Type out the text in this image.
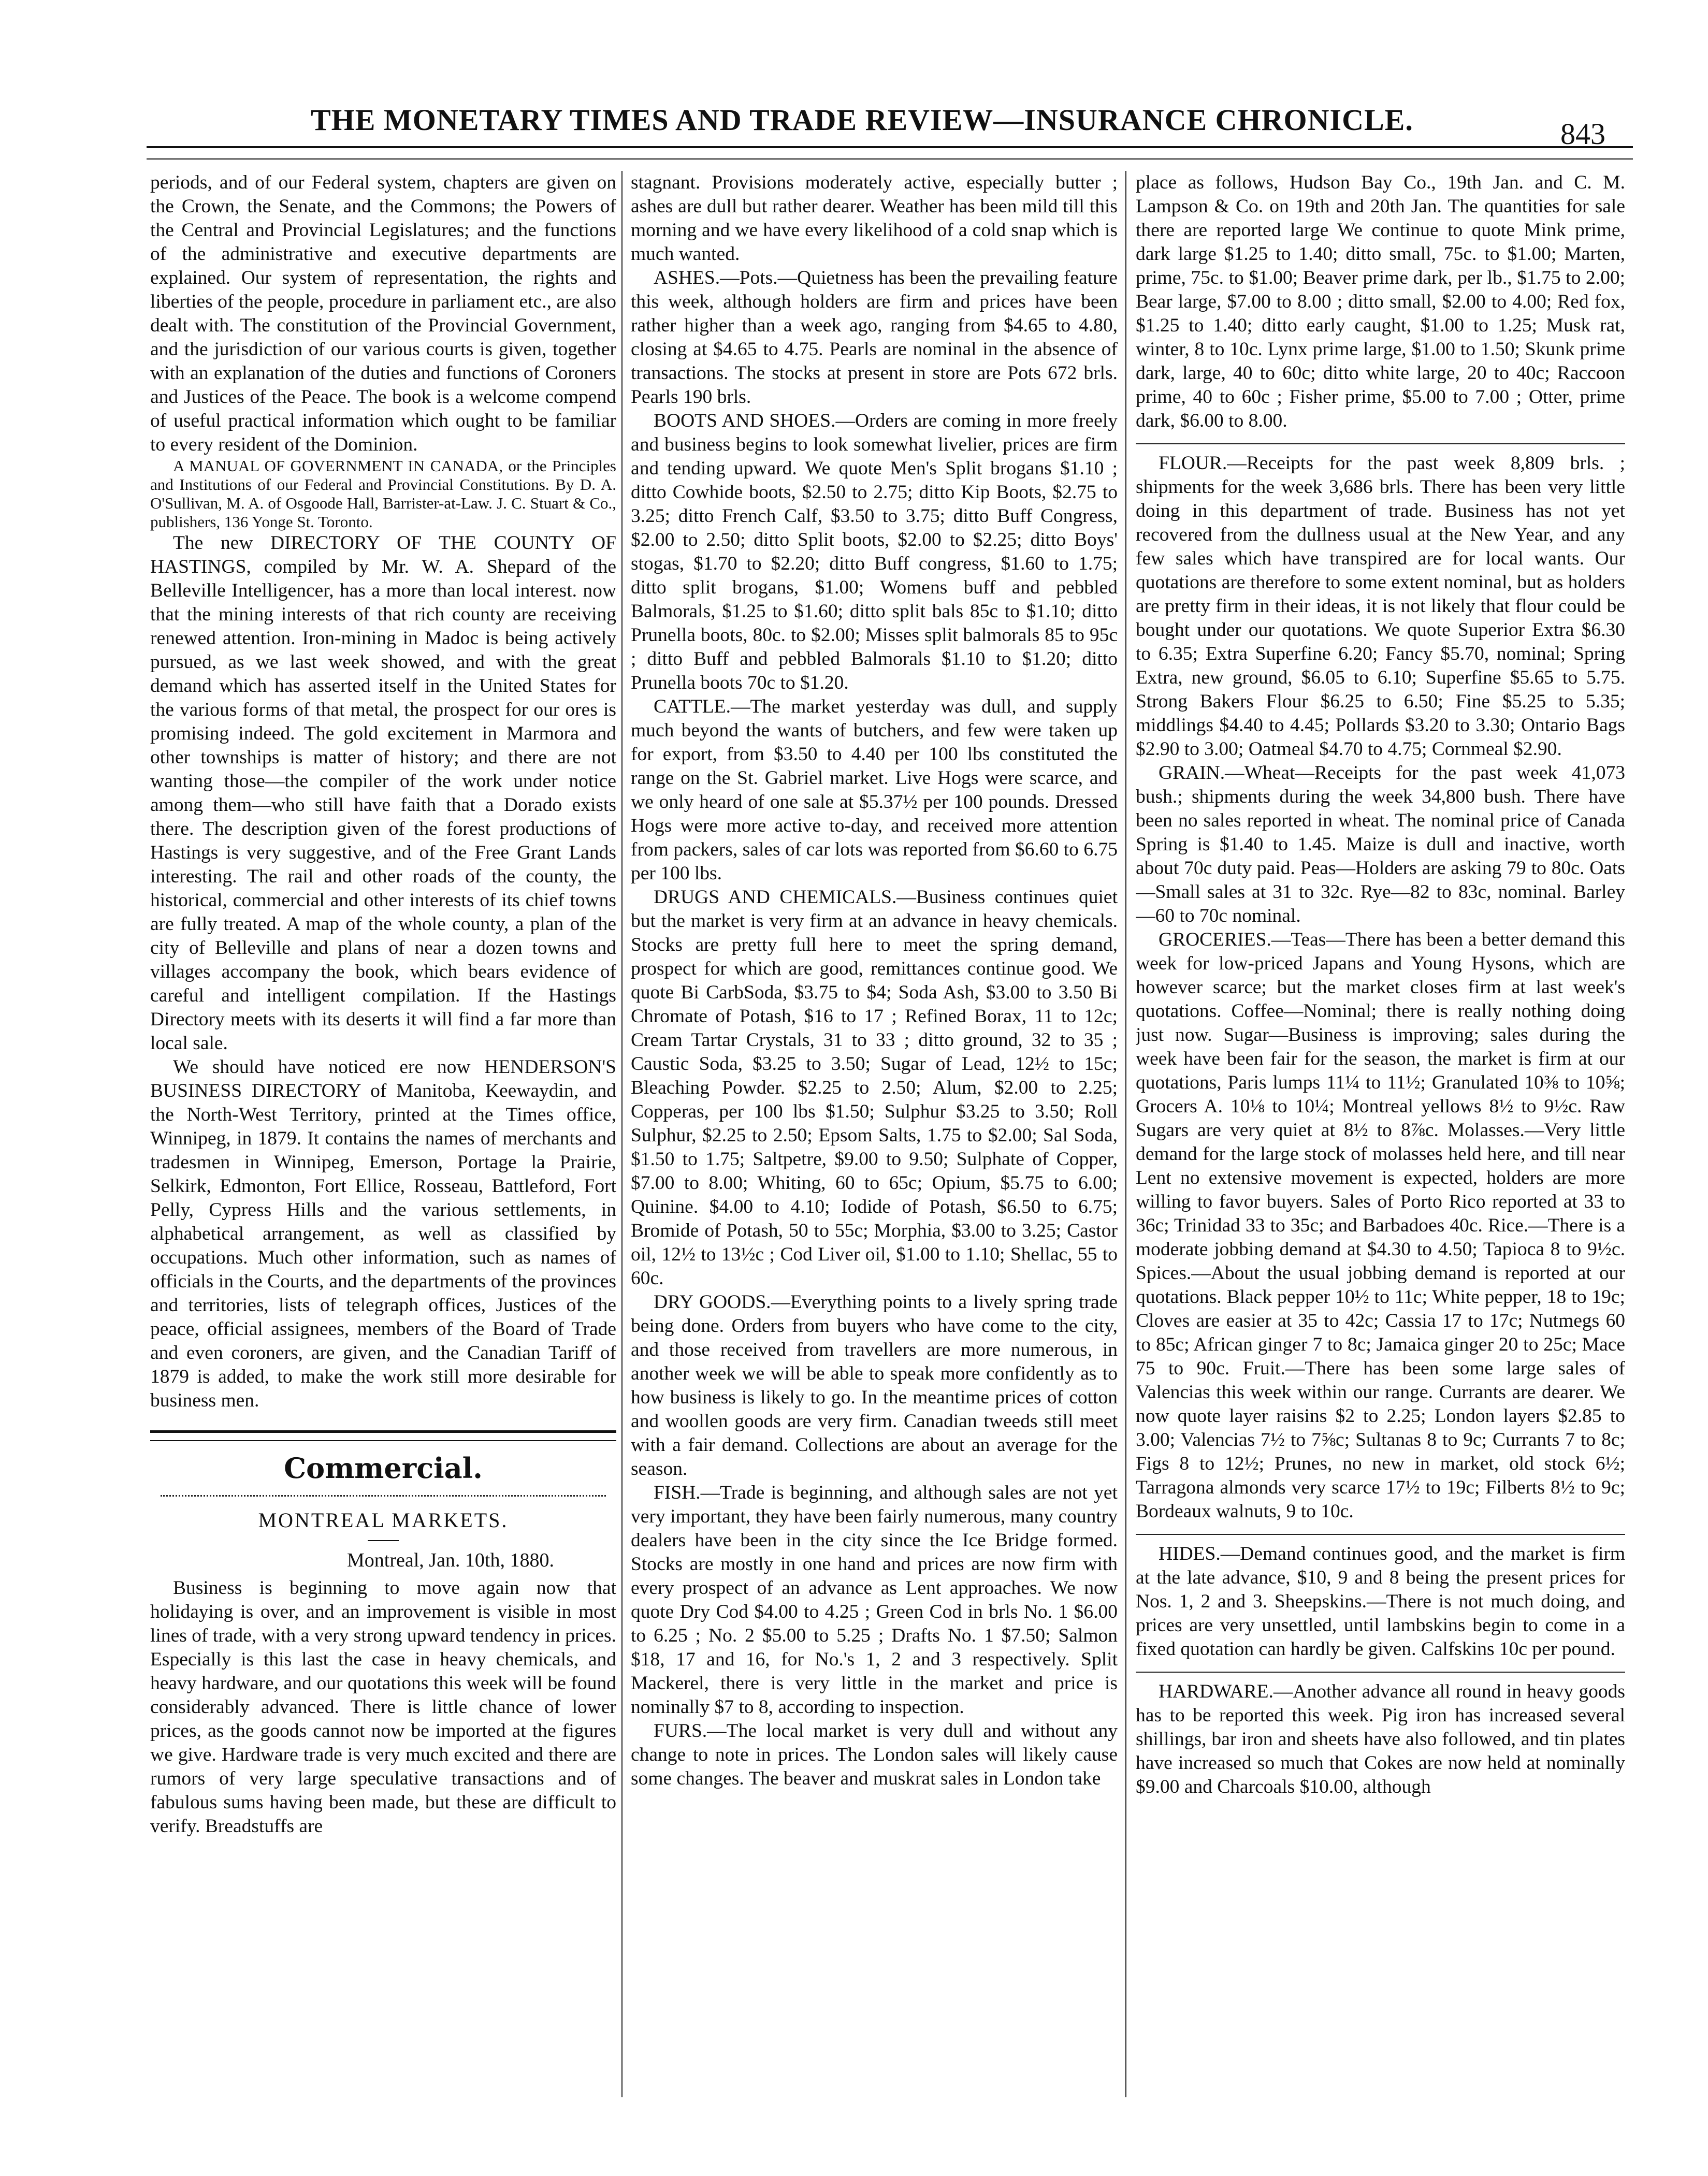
THE MONETARY TIMES AND TRADE REVIEW—INSURANCE CHRONICLE.	843

periods, and of our Federal system, chapters are given on the Crown, the Senate, and the Commons; the Powers of the Central and Provincial Legislatures; and the functions of the administrative and executive departments are explained. Our system of representation, the rights and liberties of the people, procedure in parliament etc., are also dealt with. The constitution of the Provincial Government, and the jurisdiction of our various courts is given, together with an explanation of the duties and functions of Coroners and Justices of the Peace. The book is a welcome compend of useful practical information which ought to be familiar to every resident of the Dominion.

A MANUAL OF GOVERNMENT IN CANADA, or the Principles and Institutions of our Federal and Provincial Constitutions. By D. A. O'Sullivan, M. A. of Osgoode Hall, Barrister-at-Law. J. C. Stuart & Co., publishers, 136 Yonge St. Toronto.

The new DIRECTORY OF THE COUNTY OF HASTINGS, compiled by Mr. W. A. Shepard of the Belleville Intelligencer, has a more than local interest. now that the mining interests of that rich county are receiving renewed attention. Iron-mining in Madoc is being actively pursued, as we last week showed, and with the great demand which has asserted itself in the United States for the various forms of that metal, the prospect for our ores is promising indeed. The gold excitement in Marmora and other townships is matter of history; and there are not wanting those—the compiler of the work under notice among them—who still have faith that a Dorado exists there. The description given of the forest productions of Hastings is very suggestive, and of the Free Grant Lands interesting. The rail and other roads of the county, the historical, commercial and other interests of its chief towns are fully treated. A map of the whole county, a plan of the city of Belleville and plans of near a dozen towns and villages accompany the book, which bears evidence of careful and intelligent compilation. If the Hastings Directory meets with its deserts it will find a far more than local sale.

We should have noticed ere now HENDERSON'S BUSINESS DIRECTORY of Manitoba, Keewaydin, and the North-West Territory, printed at the Times office, Winnipeg, in 1879. It contains the names of merchants and tradesmen in Winnipeg, Emerson, Portage la Prairie, Selkirk, Edmonton, Fort Ellice, Rosseau, Battleford, Fort Pelly, Cypress Hills and the various settlements, in alphabetical arrangement, as well as classified by occupations. Much other information, such as names of officials in the Courts, and the departments of the provinces and territories, lists of telegraph offices, Justices of the peace, official assignees, members of the Board of Trade and even coroners, are given, and the Canadian Tariff of 1879 is added, to make the work still more desirable for business men.

Commercial.
MONTREAL MARKETS.
Montreal, Jan. 10th, 1880.

Business is beginning to move again now that holidaying is over, and an improvement is visible in most lines of trade, with a very strong upward tendency in prices. Especially is this last the case in heavy chemicals, and heavy hardware, and our quotations this week will be found considerably advanced. There is little chance of lower prices, as the goods cannot now be imported at the figures we give. Hardware trade is very much excited and there are rumors of very large speculative transactions and of fabulous sums having been made, but these are difficult to verify. Breadstuffs are

stagnant. Provisions moderately active, especially butter ; ashes are dull but rather dearer. Weather has been mild till this morning and we have every likelihood of a cold snap which is much wanted.

ASHES.—Pots.—Quietness has been the prevailing feature this week, although holders are firm and prices have been rather higher than a week ago, ranging from $4.65 to 4.80, closing at $4.65 to 4.75. Pearls are nominal in the absence of transactions. The stocks at present in store are Pots 672 brls. Pearls 190 brls.

BOOTS AND SHOES.—Orders are coming in more freely and business begins to look somewhat livelier, prices are firm and tending upward. We quote Men's Split brogans $1.10 ; ditto Cowhide boots, $2.50 to 2.75; ditto Kip Boots, $2.75 to 3.25; ditto French Calf, $3.50 to 3.75; ditto Buff Congress, $2.00 to 2.50; ditto Split boots, $2.00 to $2.25; ditto Boys' stogas, $1.70 to $2.20; ditto Buff congress, $1.60 to 1.75; ditto split brogans, $1.00; Womens buff and pebbled Balmorals, $1.25 to $1.60; ditto split bals 85c to $1.10; ditto Prunella boots, 80c. to $2.00; Misses split balmorals 85 to 95c ; ditto Buff and pebbled Balmorals $1.10 to $1.20; ditto Prunella boots 70c to $1.20.

CATTLE.—The market yesterday was dull, and supply much beyond the wants of butchers, and few were taken up for export, from $3.50 to 4.40 per 100 lbs constituted the range on the St. Gabriel market. Live Hogs were scarce, and we only heard of one sale at $5.37½ per 100 pounds. Dressed Hogs were more active to-day, and received more attention from packers, sales of car lots was reported from $6.60 to 6.75 per 100 lbs.

DRUGS AND CHEMICALS.—Business continues quiet but the market is very firm at an advance in heavy chemicals. Stocks are pretty full here to meet the spring demand, prospect for which are good, remittances continue good. We quote Bi CarbSoda, $3.75 to $4; Soda Ash, $3.00 to 3.50 Bi Chromate of Potash, $16 to 17 ; Refined Borax, 11 to 12c; Cream Tartar Crystals, 31 to 33 ; ditto ground, 32 to 35 ; Caustic Soda, $3.25 to 3.50; Sugar of Lead, 12½ to 15c; Bleaching Powder. $2.25 to 2.50; Alum, $2.00 to 2.25; Copperas, per 100 lbs $1.50; Sulphur $3.25 to 3.50; Roll Sulphur, $2.25 to 2.50; Epsom Salts, 1.75 to $2.00; Sal Soda, $1.50 to 1.75; Saltpetre, $9.00 to 9.50; Sulphate of Copper, $7.00 to 8.00; Whiting, 60 to 65c; Opium, $5.75 to 6.00; Quinine. $4.00 to 4.10; Iodide of Potash, $6.50 to 6.75; Bromide of Potash, 50 to 55c; Morphia, $3.00 to 3.25; Castor oil, 12½ to 13½c ; Cod Liver oil, $1.00 to 1.10; Shellac, 55 to 60c.

DRY GOODS.—Everything points to a lively spring trade being done. Orders from buyers who have come to the city, and those received from travellers are more numerous, in another week we will be able to speak more confidently as to how business is likely to go. In the meantime prices of cotton and woollen goods are very firm. Canadian tweeds still meet with a fair demand. Collections are about an average for the season.

FISH.—Trade is beginning, and although sales are not yet very important, they have been fairly numerous, many country dealers have been in the city since the Ice Bridge formed. Stocks are mostly in one hand and prices are now firm with every prospect of an advance as Lent approaches. We now quote Dry Cod $4.00 to 4.25 ; Green Cod in brls No. 1 $6.00 to 6.25 ; No. 2 $5.00 to 5.25 ; Drafts No. 1 $7.50; Salmon $18, 17 and 16, for No.'s 1, 2 and 3 respectively. Split Mackerel, there is very little in the market and price is nominally $7 to 8, according to inspection.

FURS.—The local market is very dull and without any change to note in prices. The London sales will likely cause some changes. The beaver and muskrat sales in London take

place as follows, Hudson Bay Co., 19th Jan. and C. M. Lampson & Co. on 19th and 20th Jan. The quantities for sale there are reported large We continue to quote Mink prime, dark large $1.25 to 1.40; ditto small, 75c. to $1.00; Marten, prime, 75c. to $1.00; Beaver prime dark, per lb., $1.75 to 2.00; Bear large, $7.00 to 8.00 ; ditto small, $2.00 to 4.00; Red fox, $1.25 to 1.40; ditto early caught, $1.00 to 1.25; Musk rat, winter, 8 to 10c. Lynx prime large, $1.00 to 1.50; Skunk prime dark, large, 40 to 60c; ditto white large, 20 to 40c; Raccoon prime, 40 to 60c ; Fisher prime, $5.00 to 7.00 ; Otter, prime dark, $6.00 to 8.00.

FLOUR.—Receipts for the past week 8,809 brls. ; shipments for the week 3,686 brls. There has been very little doing in this department of trade. Business has not yet recovered from the dullness usual at the New Year, and any few sales which have transpired are for local wants. Our quotations are therefore to some extent nominal, but as holders are pretty firm in their ideas, it is not likely that flour could be bought under our quotations. We quote Superior Extra $6.30 to 6.35; Extra Superfine 6.20; Fancy $5.70, nominal; Spring Extra, new ground, $6.05 to 6.10; Superfine $5.65 to 5.75. Strong Bakers Flour $6.25 to 6.50; Fine $5.25 to 5.35; middlings $4.40 to 4.45; Pollards $3.20 to 3.30; Ontario Bags $2.90 to 3.00; Oatmeal $4.70 to 4.75; Cornmeal $2.90.

GRAIN.—Wheat—Receipts for the past week 41,073 bush.; shipments during the week 34,800 bush. There have been no sales reported in wheat. The nominal price of Canada Spring is $1.40 to 1.45. Maize is dull and inactive, worth about 70c duty paid. Peas—Holders are asking 79 to 80c. Oats—Small sales at 31 to 32c. Rye—82 to 83c, nominal. Barley—60 to 70c nominal.

GROCERIES.—Teas—There has been a better demand this week for low-priced Japans and Young Hysons, which are however scarce; but the market closes firm at last week's quotations. Coffee—Nominal; there is really nothing doing just now. Sugar—Business is improving; sales during the week have been fair for the season, the market is firm at our quotations, Paris lumps 11¼ to 11½; Granulated 10⅜ to 10⅝; Grocers A. 10⅛ to 10¼; Montreal yellows 8½ to 9½c. Raw Sugars are very quiet at 8½ to 8⅞c. Molasses.—Very little demand for the large stock of molasses held here, and till near Lent no extensive movement is expected, holders are more willing to favor buyers. Sales of Porto Rico reported at 33 to 36c; Trinidad 33 to 35c; and Barbadoes 40c. Rice.—There is a moderate jobbing demand at $4.30 to 4.50; Tapioca 8 to 9½c. Spices.—About the usual jobbing demand is reported at our quotations. Black pepper 10½ to 11c; White pepper, 18 to 19c; Cloves are easier at 35 to 42c; Cassia 17 to 17c; Nutmegs 60 to 85c; African ginger 7 to 8c; Jamaica ginger 20 to 25c; Mace 75 to 90c. Fruit.—There has been some large sales of Valencias this week within our range. Currants are dearer. We now quote layer raisins $2 to 2.25; London layers $2.85 to 3.00; Valencias 7½ to 7⅝c; Sultanas 8 to 9c; Currants 7 to 8c; Figs 8 to 12½; Prunes, no new in market, old stock 6½; Tarragona almonds very scarce 17½ to 19c; Filberts 8½ to 9c; Bordeaux walnuts, 9 to 10c.

HIDES.—Demand continues good, and the market is firm at the late advance, $10, 9 and 8 being the present prices for Nos. 1, 2 and 3. Sheepskins.—There is not much doing, and prices are very unsettled, until lambskins begin to come in a fixed quotation can hardly be given. Calfskins 10c per pound.

HARDWARE.—Another advance all round in heavy goods has to be reported this week. Pig iron has increased several shillings, bar iron and sheets have also followed, and tin plates have increased so much that Cokes are now held at nominally $9.00 and Charcoals $10.00, although
